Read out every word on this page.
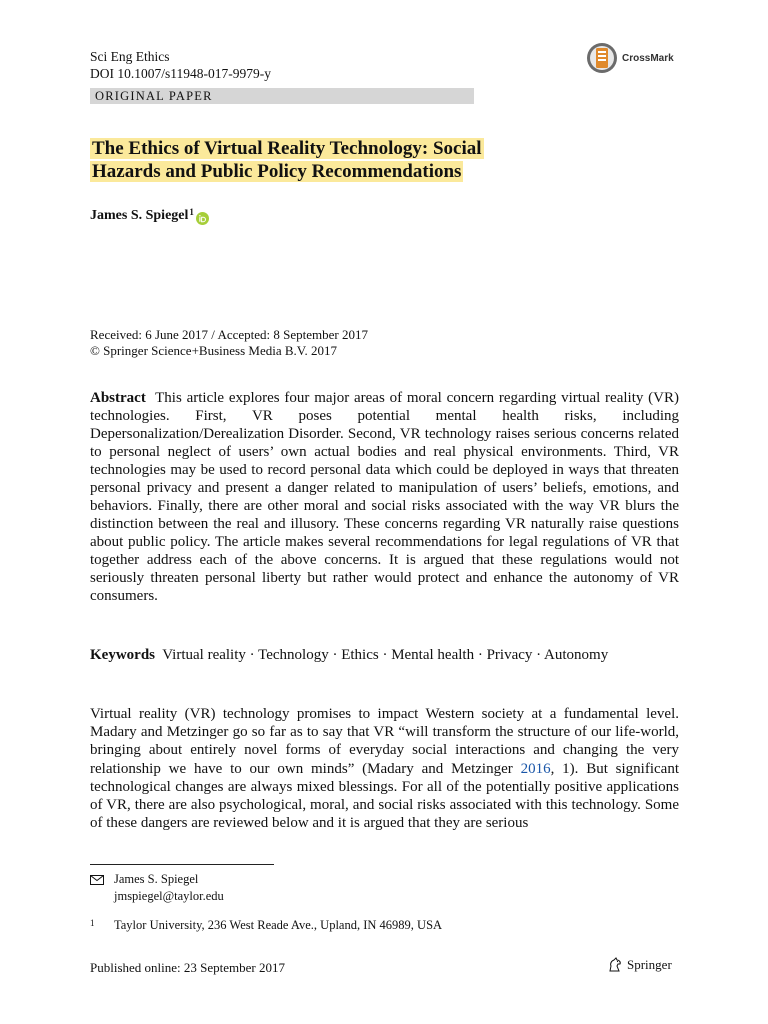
Sci Eng Ethics
DOI 10.1007/s11948-017-9979-y
CrossMark
ORIGINAL PAPER
The Ethics of Virtual Reality Technology: Social
Hazards and Public Policy Recommendations
James S. Spiegel$^1$
Received: 6 June 2017 / Accepted: 8 September 2017
© Springer Science+Business Media B.V. 2017
Abstract This article explores four major areas of moral concern regarding virtual reality (VR) technologies. First, VR poses potential mental health risks, including Depersonalization/Derealization Disorder. Second, VR technology raises serious concerns related to personal neglect of users’ own actual bodies and real physical environments. Third, VR technologies may be used to record personal data which could be deployed in ways that threaten personal privacy and present a danger related to manipulation of users’ beliefs, emotions, and behaviors. Finally, there are other moral and social risks associated with the way VR blurs the distinction between the real and illusory. These concerns regarding VR naturally raise questions about public policy. The article makes several recommendations for legal regulations of VR that together address each of the above concerns. It is argued that these regulations would not seriously threaten personal liberty but rather would protect and enhance the autonomy of VR consumers.
Keywords Virtual reality · Technology · Ethics · Mental health · Privacy · Autonomy
Virtual reality (VR) technology promises to impact Western society at a fundamental level. Madary and Metzinger go so far as to say that VR “will transform the structure of our life-world, bringing about entirely novel forms of everyday social interactions and changing the very relationship we have to our own minds” (Madary and Metzinger 2016, 1). But significant technological changes are always mixed blessings. For all of the potentially positive applications of VR, there are also psychological, moral, and social risks associated with this technology. Some of these dangers are reviewed below and it is argued that they are serious
James S. Spiegel
jmspiegel@taylor.edu
1	Taylor University, 236 West Reade Ave., Upland, IN 46989, USA
Published online: 23 September 2017	Springer
